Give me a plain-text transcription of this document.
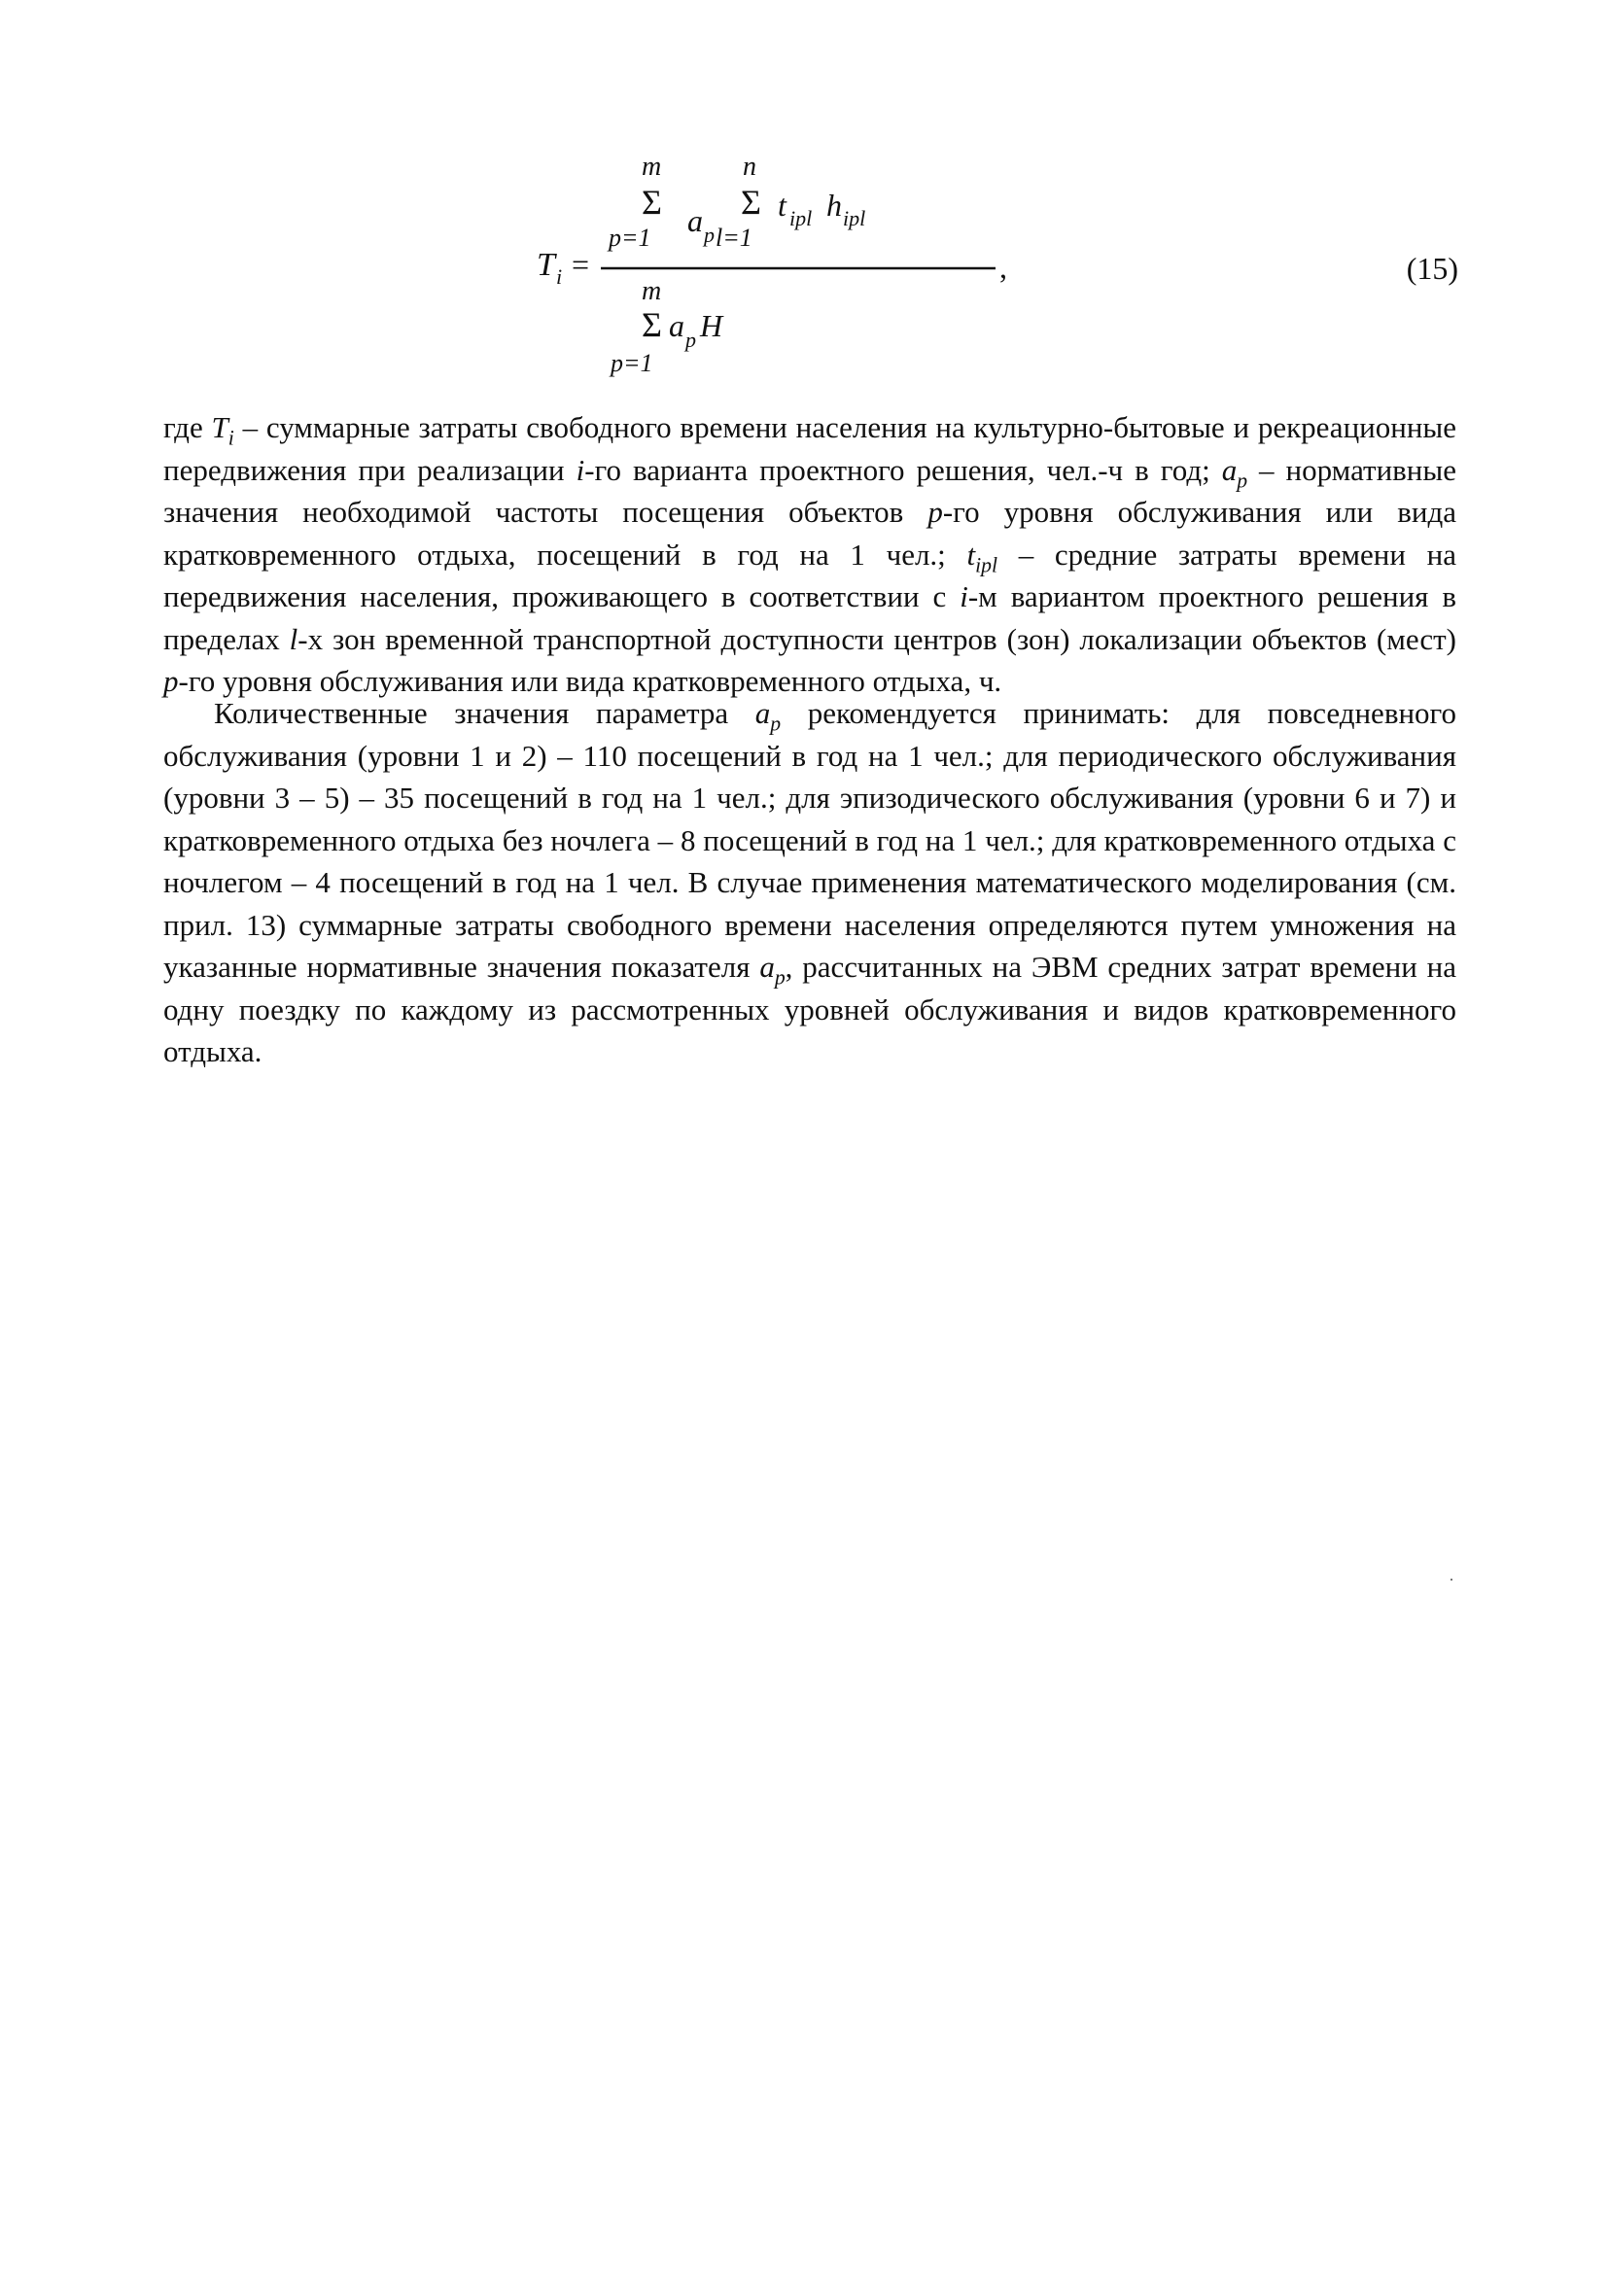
T i =
m
Σ
p=1 a p
n
Σ
l=1
t ipl h ipl
,
m
Σ
p=1
a p H
(15)
где $T_i$ – суммарные затраты свободного времени населения на культурно-бытовые и рекреационные передвижения при реализации i-го варианта проектного решения, чел.-ч в год; $a_p$ – нормативные значения необходимой частоты посещения объектов p-го уровня обслуживания или вида кратковременного отдыха, посещений в год на 1 чел.; $t_{ipl}$ – средние затраты времени на передвижения населения, проживающего в соответствии с i-м вариантом проектного решения в пределах l-х зон временной транспортной доступности центров (зон) локализации объектов (мест) p-го уровня обслуживания или вида кратковременного отдыха, ч.
Количественные значения параметра $a_p$ рекомендуется принимать: для повседневного обслуживания (уровни 1 и 2) – 110 посещений в год на 1 чел.; для периодического обслуживания (уровни 3 – 5) – 35 посещений в год на 1 чел.; для эпизодического обслуживания (уровни 6 и 7) и кратковременного отдыха без ночлега – 8 посещений в год на 1 чел.; для кратковременного отдыха с ночлегом – 4 посещений в год на 1 чел. В случае применения математического моделирования (см. прил. 13) суммарные затраты свободного времени населения определяются путем умножения на указанные нормативные значения показателя $a_p$, рассчитанных на ЭВМ средних затрат времени на одну поездку по каждому из рассмотренных уровней обслуживания и видов кратковременного отдыха.
